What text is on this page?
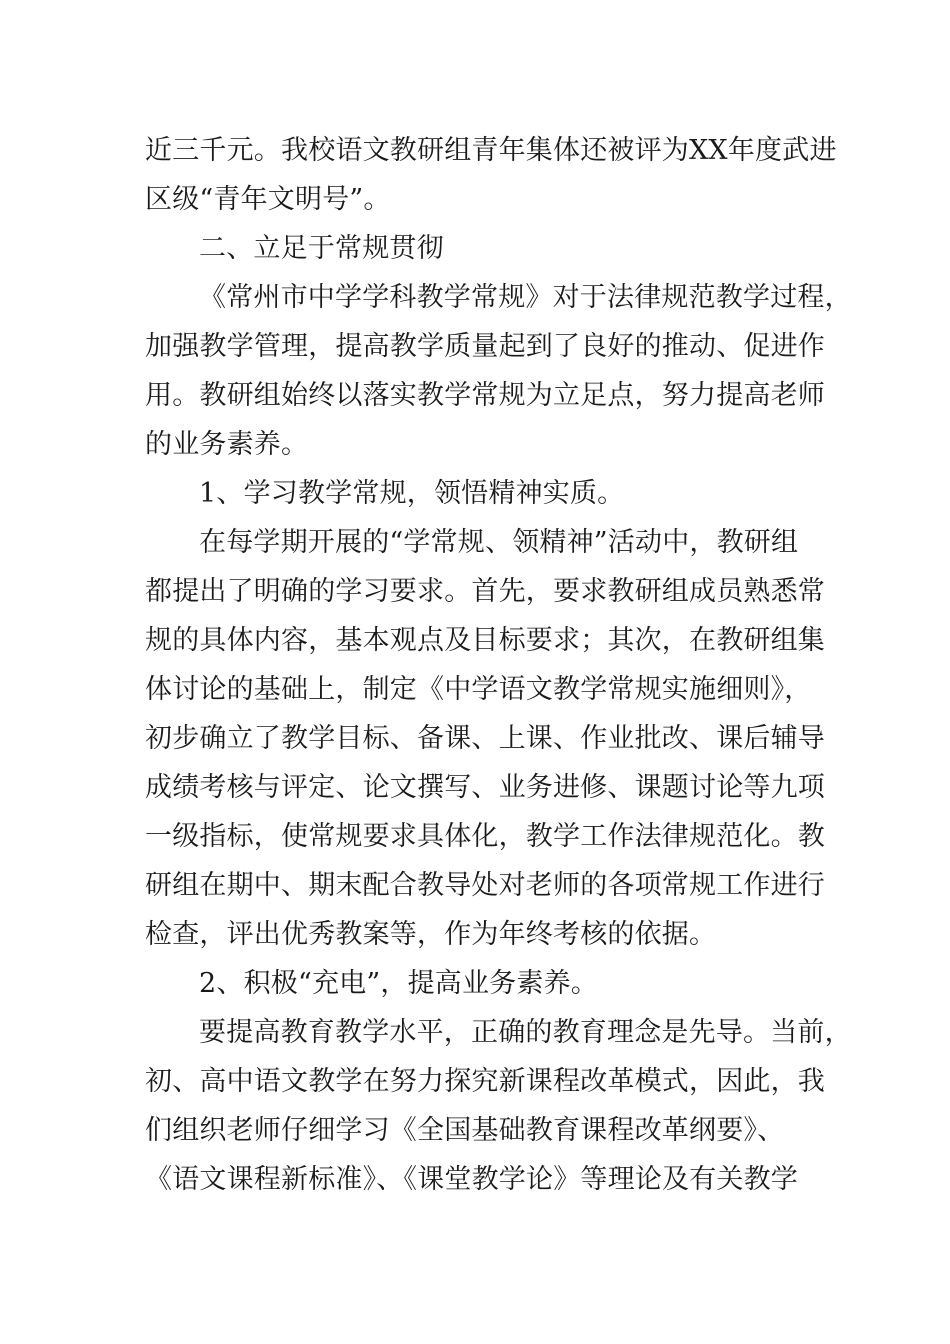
近三千元。我校语文教研组青年集体还被评为XX年度武进
区级“青年文明号”。
二、立足于常规贯彻
《常州市中学学科教学常规》对于法律规范教学过程，
加强教学管理，提高教学质量起到了良好的推动、促进作
用。教研组始终以落实教学常规为立足点，努力提高老师
的业务素养。
1、学习教学常规，领悟精神实质。
在每学期开展的“学常规、领精神”活动中，教研组
都提出了明确的学习要求。首先，要求教研组成员熟悉常
规的具体内容，基本观点及目标要求；其次，在教研组集
体讨论的基础上，制定《中学语文教学常规实施细则》，
初步确立了教学目标、备课、上课、作业批改、课后辅导
成绩考核与评定、论文撰写、业务进修、课题讨论等九项
一级指标，使常规要求具体化，教学工作法律规范化。教
研组在期中、期末配合教导处对老师的各项常规工作进行
检查，评出优秀教案等，作为年终考核的依据。
2、积极“充电”，提高业务素养。
要提高教育教学水平，正确的教育理念是先导。当前，
初、高中语文教学在努力探究新课程改革模式，因此，我
们组织老师仔细学习《全国基础教育课程改革纲要》、
《语文课程新标准》、《课堂教学论》等理论及有关教学
